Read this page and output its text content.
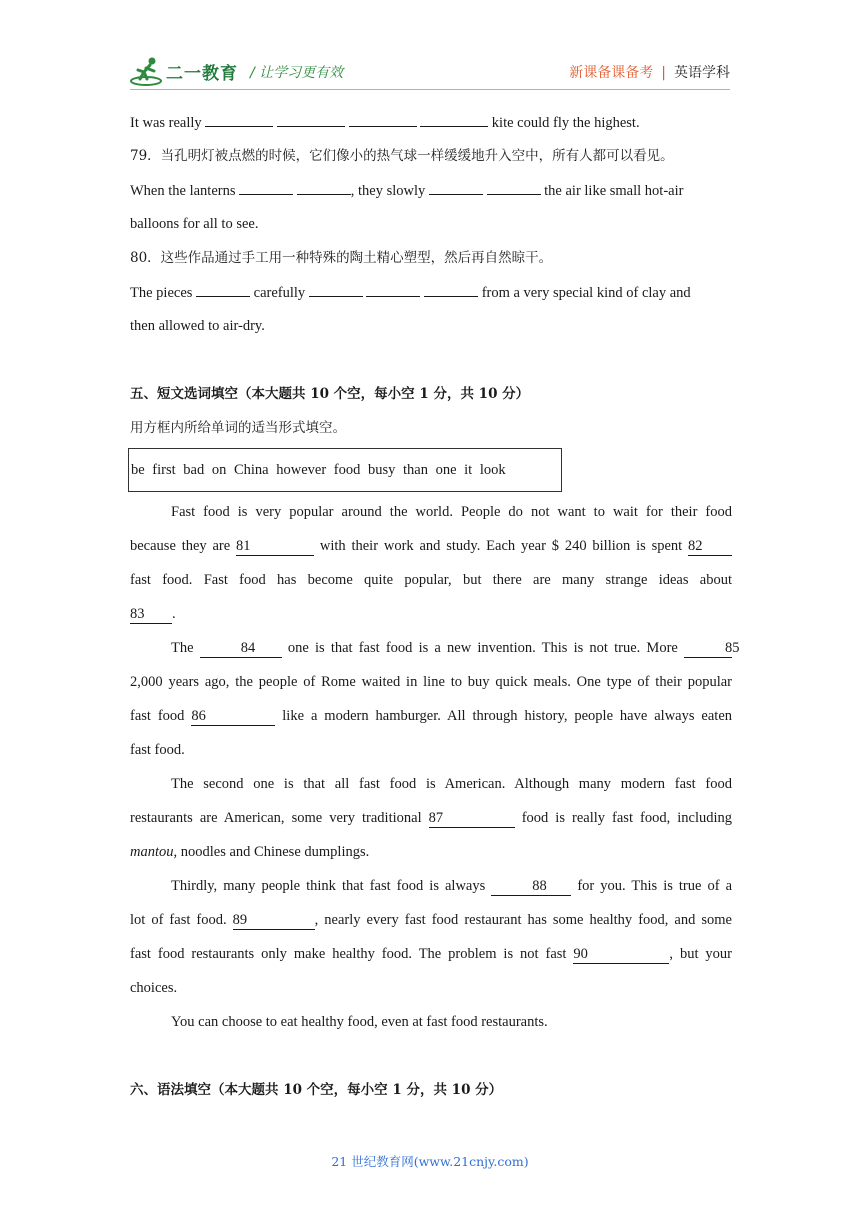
二一教育 / 让学习更有效	新课备课备考 | 英语学科
It was really	kite could fly the highest.
79．当孔明灯被点燃的时候，它们像小的热气球一样缓缓地升入空中，所有人都可以看见。
When the lanterns	, they slowly	the air like small hot-air
balloons for all to see.
80．这些作品通过手工用一种特殊的陶土精心塑型，然后再自然晾干。
The pieces	carefully	from a very special kind of clay and
then allowed to air-dry.
五、短文选词填空（本大题共 10 个空，每小空 1 分，共 10 分）
用方框内所给单词的适当形式填空。
be first bad on China however food busy than one it look
Fast food is very popular around the world. People do not want to wait for their food
because they are 81	with their work and study. Each year $ 240 billion is spent 82
fast food. Fast food has become quite popular, but there are many strange ideas about
83 .
The	84 one is that fast food is a new invention. This is not true. More	85
2,000 years ago, the people of Rome waited in line to buy quick meals. One type of their popular
fast food 86	like a modern hamburger. All through history, people have always eaten
fast food.
The second one is that all fast food is American. Although many modern fast food
restaurants are American, some very traditional 87	food is really fast food, including
mantou, noodles and Chinese dumplings.
Thirdly, many people think that fast food is always	88 for you. This is true of a
lot of fast food. 89	, nearly every fast food restaurant has some healthy food, and some
fast food restaurants only make healthy food. The problem is not fast 90	, but your
choices.
You can choose to eat healthy food, even at fast food restaurants.
六、语法填空（本大题共 10 个空，每小空 1 分，共 10 分）
21 世纪教育网(www.21cnjy.com)
